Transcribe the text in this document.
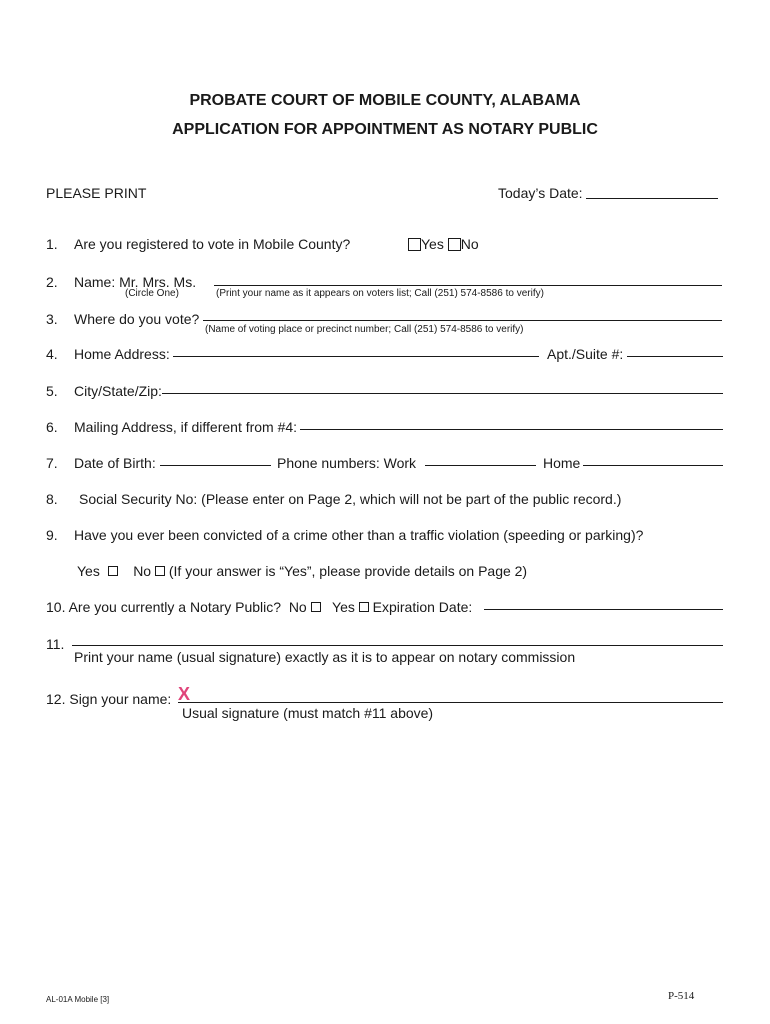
PROBATE COURT OF MOBILE COUNTY, ALABAMA
APPLICATION FOR APPOINTMENT AS NOTARY PUBLIC
PLEASE PRINT	Today’s Date:
1. Are you registered to vote in Mobile County?	Yes No
2. Name: Mr. Mrs. Ms.
(Circle One)	(Print your name as it appears on voters list; Call (251) 574-8586 to verify)
3. Where do you vote?
(Name of voting place or precinct number; Call (251) 574-8586 to verify)
4. Home Address:	Apt./Suite #:
5. City/State/Zip:
6. Mailing Address, if different from #4:
7. Date of Birth:	Phone numbers: Work	Home
8. Social Security No: (Please enter on Page 2, which will not be part of the public record.)
9. Have you ever been convicted of a crime other than a traffic violation (speeding or parking)?
Yes No (If your answer is “Yes”, please provide details on Page 2)
10. Are you currently a Notary Public? No Yes Expiration Date:
11.
Print your name (usual signature) exactly as it is to appear on notary commission
12. Sign your name: X
Usual signature (must match #11 above)
AL-01A Mobile [3]	P-514
